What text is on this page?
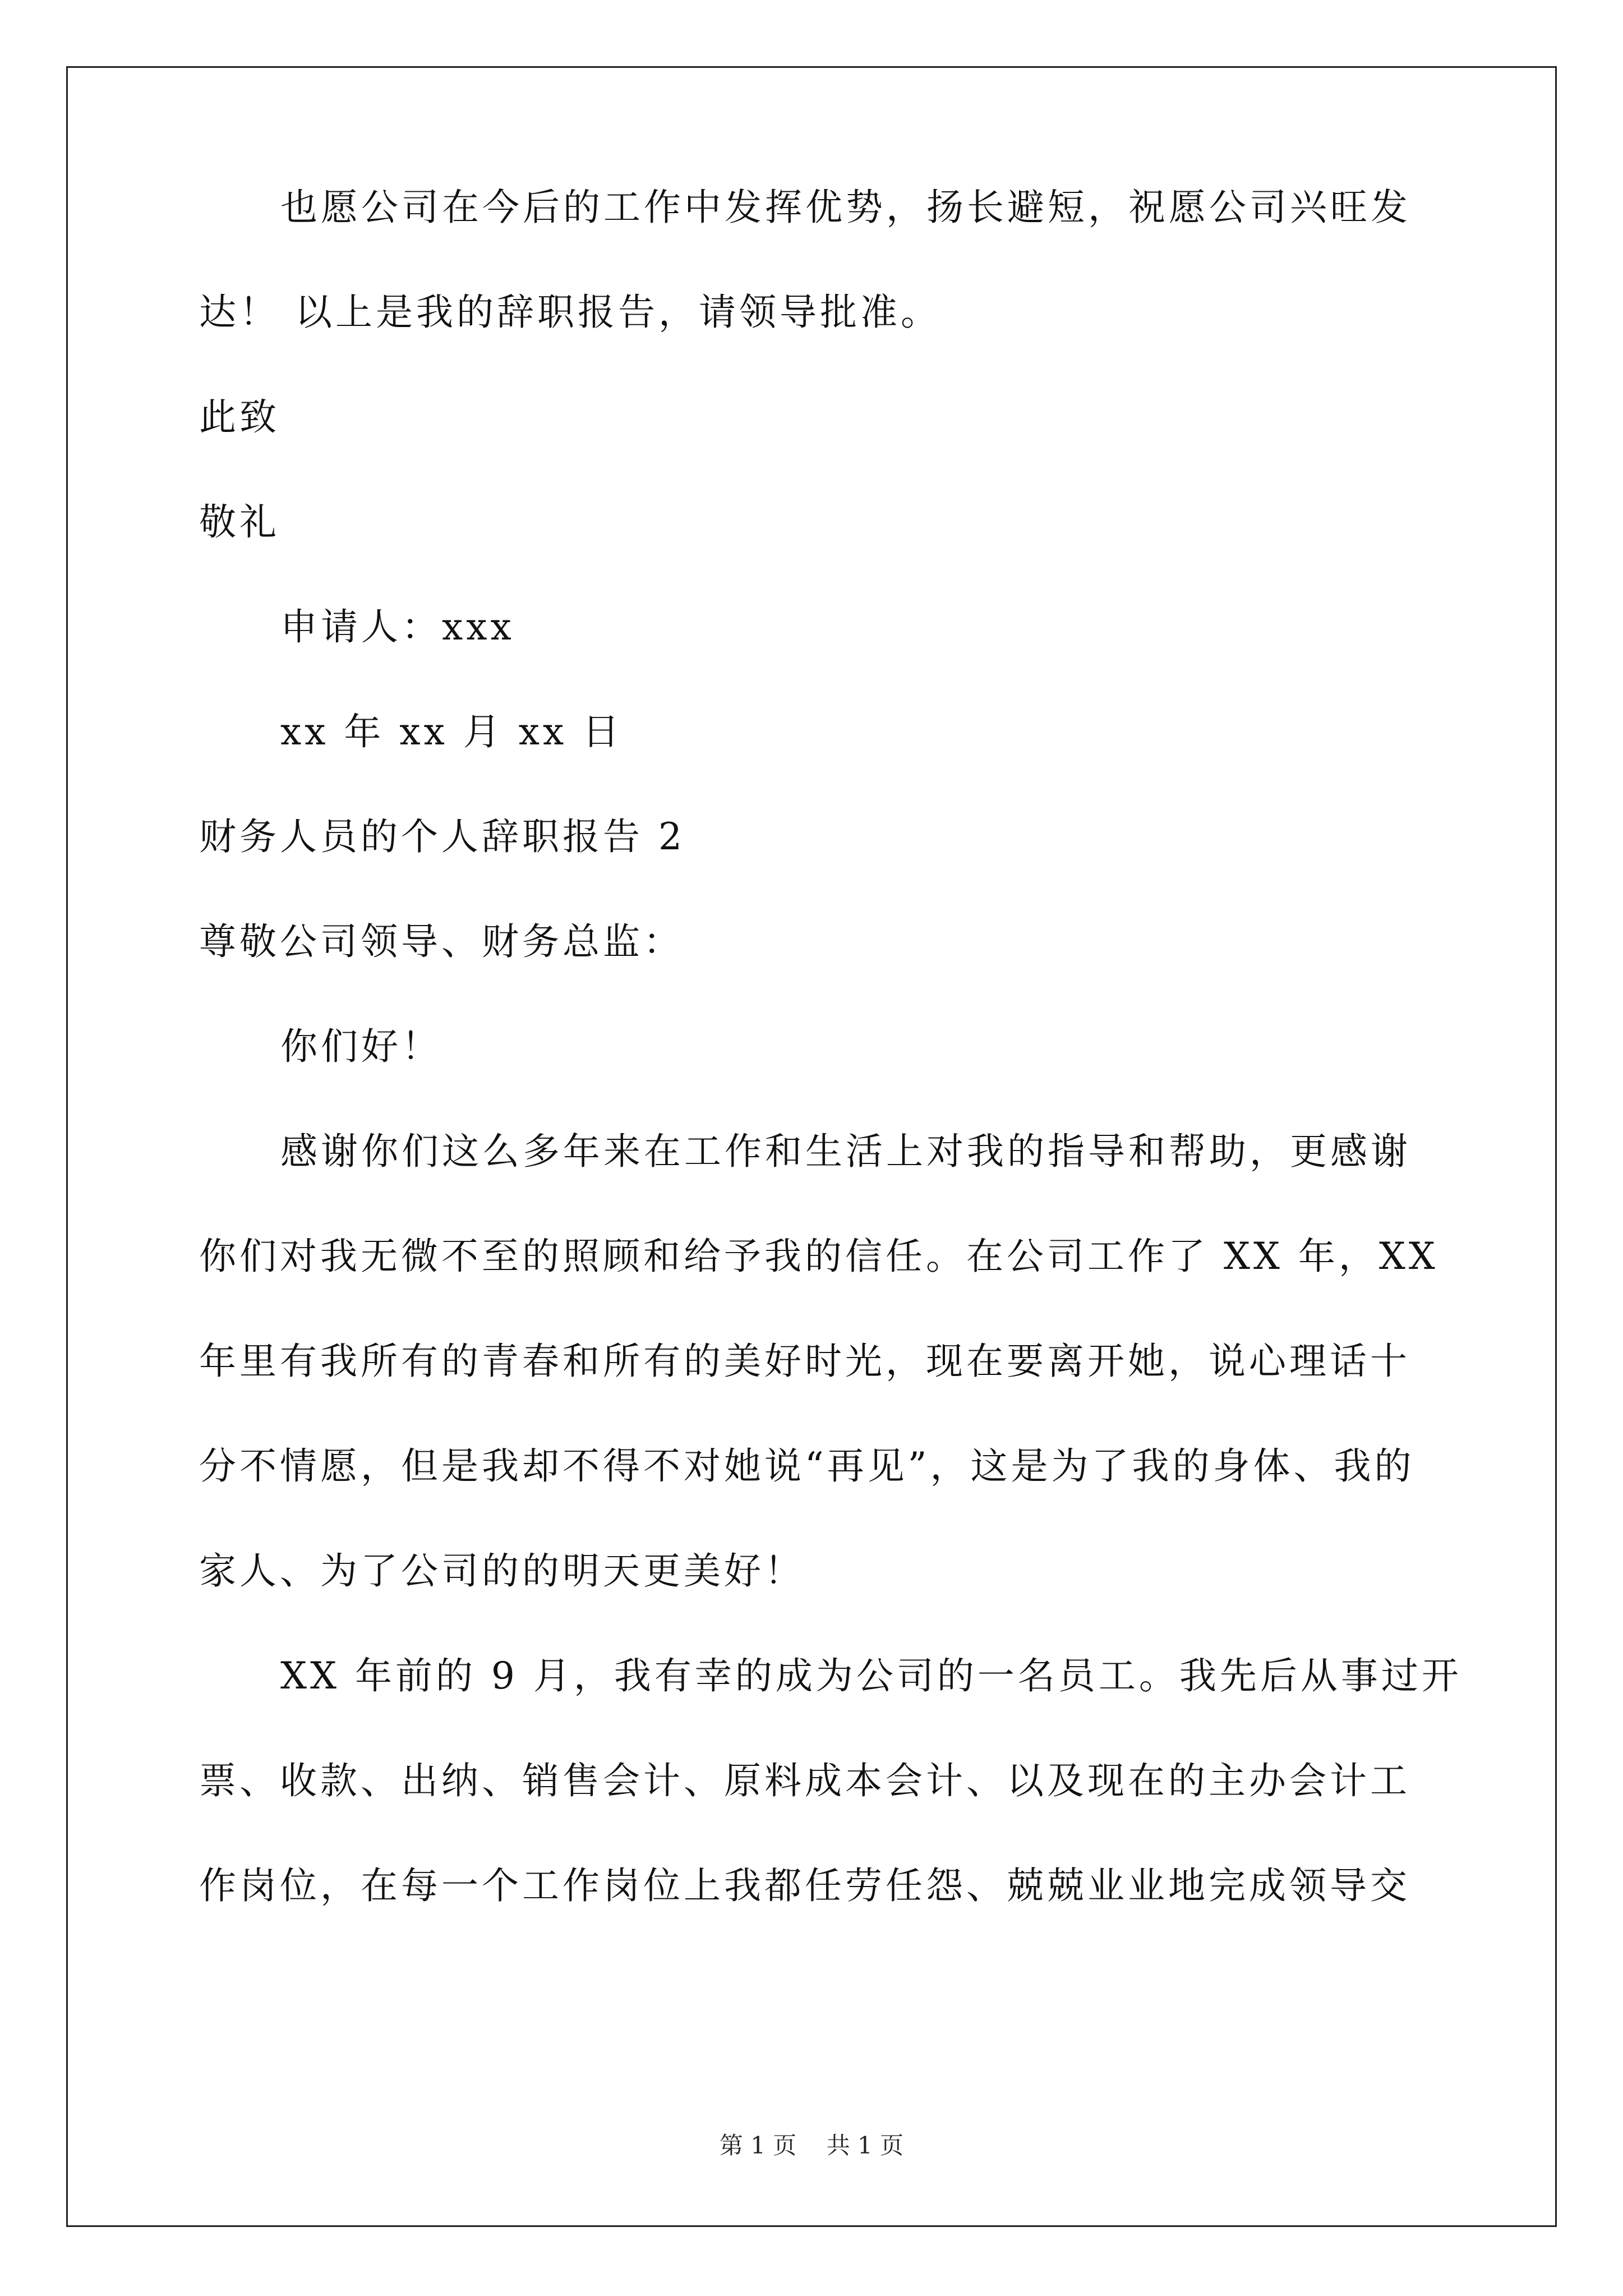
也愿公司在今后的工作中发挥优势，扬长避短，祝愿公司兴旺发
达！ 以上是我的辞职报告，请领导批准。
此致
敬礼
申请人：xxx
xx 年 xx 月 xx 日
财务人员的个人辞职报告 2
尊敬公司领导、财务总监：
你们好！
感谢你们这么多年来在工作和生活上对我的指导和帮助，更感谢
你们对我无微不至的照顾和给予我的信任。在公司工作了 XX 年，XX
年里有我所有的青春和所有的美好时光，现在要离开她，说心理话十
分不情愿，但是我却不得不对她说“再见”，这是为了我的身体、我的
家人、为了公司的的明天更美好！
XX 年前的 9 月，我有幸的成为公司的一名员工。我先后从事过开
票、收款、出纳、销售会计、原料成本会计、以及现在的主办会计工
作岗位，在每一个工作岗位上我都任劳任怨、兢兢业业地完成领导交
第 1 页    共 1 页
